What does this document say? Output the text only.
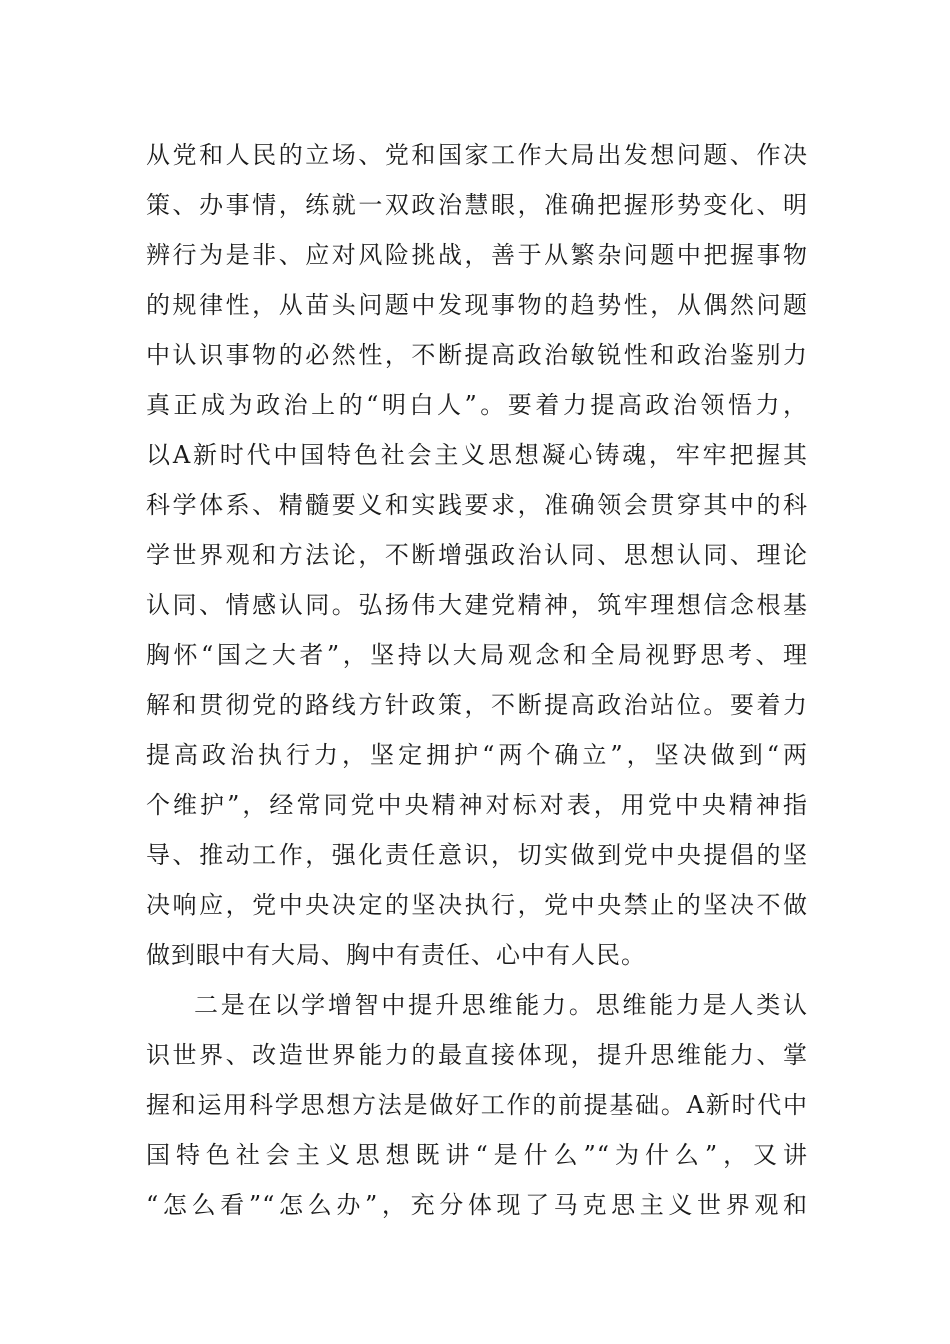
从党和人民的立场、党和国家工作大局出发想问题、作决
策、办事情，练就一双政治慧眼，准确把握形势变化、明
辨行为是非、应对风险挑战，善于从繁杂问题中把握事物
的规律性，从苗头问题中发现事物的趋势性，从偶然问题
中认识事物的必然性，不断提高政治敏锐性和政治鉴别力
真正成为政治上的“明白人”。要着力提高政治领悟力，
以A新时代中国特色社会主义思想凝心铸魂，牢牢把握其
科学体系、精髓要义和实践要求，准确领会贯穿其中的科
学世界观和方法论，不断增强政治认同、思想认同、理论
认同、情感认同。弘扬伟大建党精神，筑牢理想信念根基
胸怀“国之大者”，坚持以大局观念和全局视野思考、理
解和贯彻党的路线方针政策，不断提高政治站位。要着力
提高政治执行力，坚定拥护“两个确立”，坚决做到“两
个维护”，经常同党中央精神对标对表，用党中央精神指
导、推动工作，强化责任意识，切实做到党中央提倡的坚
决响应，党中央决定的坚决执行，党中央禁止的坚决不做
做到眼中有大局、胸中有责任、心中有人民。
二是在以学增智中提升思维能力。思维能力是人类认
识世界、改造世界能力的最直接体现，提升思维能力、掌
握和运用科学思想方法是做好工作的前提基础。A新时代中
国特色社会主义思想既讲“是什么”“为什么”，又讲
“怎么看”“怎么办”，充分体现了马克思主义世界观和
